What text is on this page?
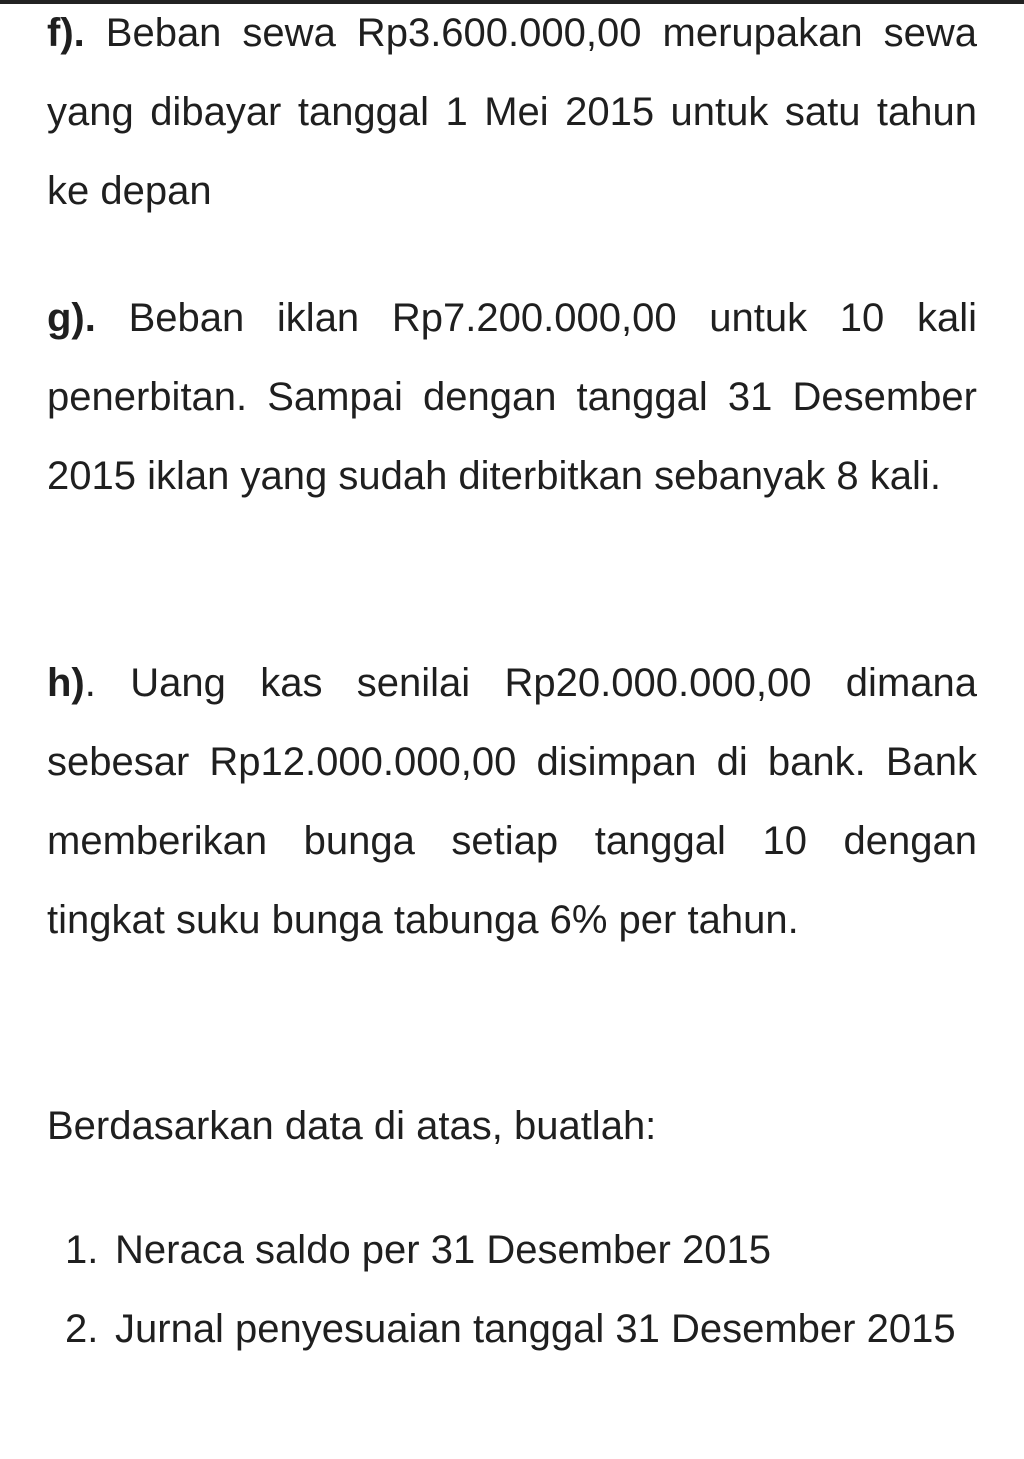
f). Beban sewa Rp3.600.000,00 merupakan sewa yang dibayar tanggal 1 Mei 2015 untuk satu tahun ke depan

g). Beban iklan Rp7.200.000,00 untuk 10 kali penerbitan. Sampai dengan tanggal 31 Desember 2015 iklan yang sudah diterbitkan sebanyak 8 kali.

h). Uang kas senilai Rp20.000.000,00 dimana sebesar Rp12.000.000,00 disimpan di bank. Bank memberikan bunga setiap tanggal 10 dengan tingkat suku bunga tabunga 6% per tahun.

Berdasarkan data di atas, buatlah:

1. Neraca saldo per 31 Desember 2015
2. Jurnal penyesuaian tanggal 31 Desember 2015
